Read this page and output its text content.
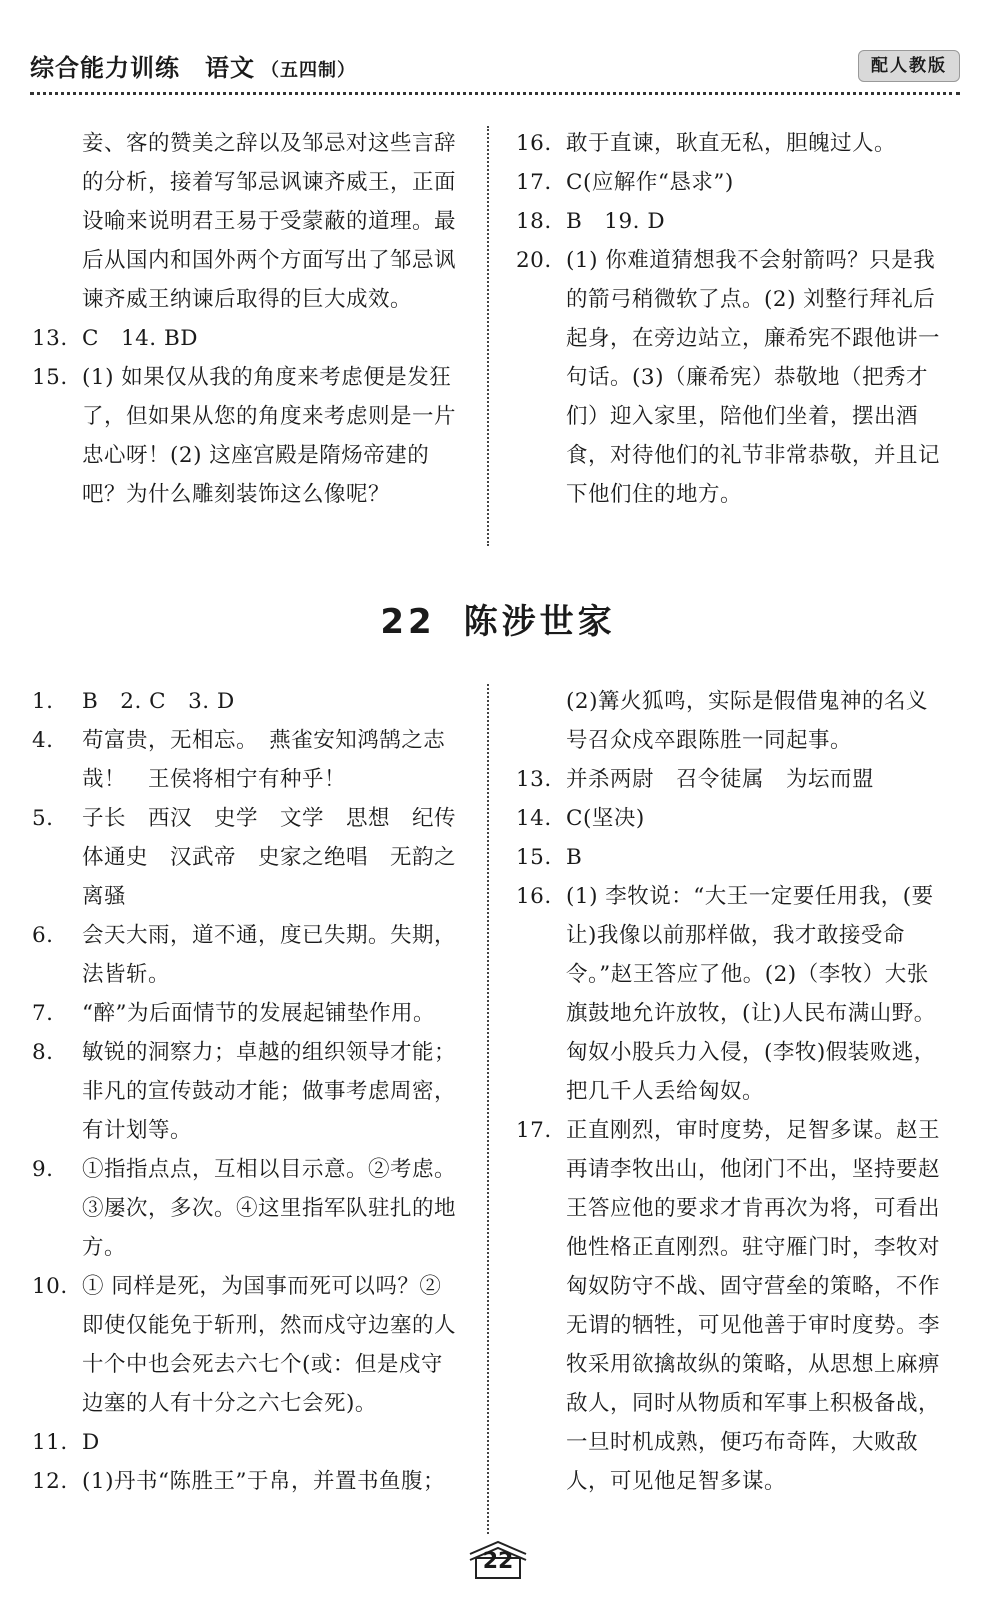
综合能力训练　语文 （五四制）	配人教版
妾、客的赞美之辞以及邹忌对这些言辞的分析，接着写邹忌讽谏齐威王，正面设喻来说明君王易于受蒙蔽的道理。最后从国内和国外两个方面写出了邹忌讽谏齐威王纳谏后取得的巨大成效。
13. C　14. BD
15. (1) 如果仅从我的角度来考虑便是发狂了，但如果从您的角度来考虑则是一片忠心呀！(2) 这座宫殿是隋炀帝建的吧？为什么雕刻装饰这么像呢？
16. 敢于直谏，耿直无私，胆魄过人。
17. C(应解作“恳求”)
18. B　19. D
20. (1) 你难道猜想我不会射箭吗？只是我的箭弓稍微软了点。(2) 刘整行拜礼后起身，在旁边站立，廉希宪不跟他讲一句话。(3)（廉希宪）恭敬地（把秀才们）迎入家里，陪他们坐着，摆出酒食，对待他们的礼节非常恭敬，并且记下他们住的地方。
22 陈涉世家
1. B　2. C　3. D
4. 苟富贵，无相忘。　燕雀安知鸿鹄之志哉！　王侯将相宁有种乎！
5. 子长　西汉　史学　文学　思想　纪传体通史　汉武帝　史家之绝唱　无韵之离骚
6. 会天大雨，道不通，度已失期。失期，法皆斩。
7. “醉”为后面情节的发展起铺垫作用。
8. 敏锐的洞察力；卓越的组织领导才能；非凡的宣传鼓动才能；做事考虑周密，有计划等。
9. ①指指点点，互相以目示意。②考虑。③屡次，多次。④这里指军队驻扎的地方。
10. ① 同样是死，为国事而死可以吗？②即使仅能免于斩刑，然而戍守边塞的人十个中也会死去六七个(或：但是戍守边塞的人有十分之六七会死)。
11. D
12. (1)丹书“陈胜王”于帛，并置书鱼腹；
(2)篝火狐鸣，实际是假借鬼神的名义号召众戍卒跟陈胜一同起事。
13. 并杀两尉　召令徒属　为坛而盟
14. C(坚决)
15. B
16. (1) 李牧说：“大王一定要任用我，(要让)我像以前那样做，我才敢接受命令。”赵王答应了他。(2)（李牧）大张旗鼓地允许放牧，(让)人民布满山野。匈奴小股兵力入侵，(李牧)假装败逃，把几千人丢给匈奴。
17. 正直刚烈，审时度势，足智多谋。赵王再请李牧出山，他闭门不出，坚持要赵王答应他的要求才肯再次为将，可看出他性格正直刚烈。驻守雁门时，李牧对匈奴防守不战、固守营垒的策略，不作无谓的牺牲，可见他善于审时度势。李牧采用欲擒故纵的策略，从思想上麻痹敌人，同时从物质和军事上积极备战，一旦时机成熟，便巧布奇阵，大败敌人，可见他足智多谋。
22
